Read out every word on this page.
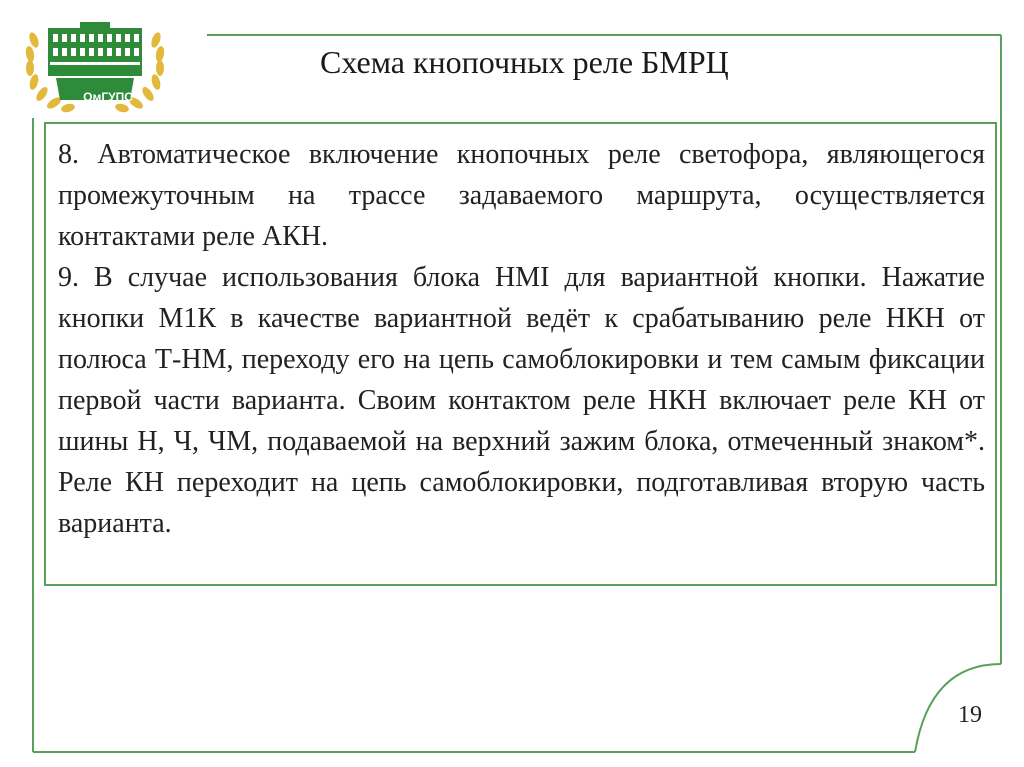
ОмГУПС
Схема кнопочных реле БМРЦ

8. Автоматическое включение кнопочных реле светофора, являющегося промежуточным на трассе задаваемого маршрута, осуществляется контактами реле АКН.

9. В случае использования блока НМI для вариантной кнопки. Нажатие кнопки М1К в качестве вариантной ведёт к срабатыванию реле НКН от полюса Т-НМ, переходу его на цепь самоблокировки и тем самым фиксации первой части варианта. Своим контактом реле НКН включает реле КН от шины Н, Ч, ЧМ, подаваемой на верхний зажим блока, отмеченный знаком*. Реле КН переходит на цепь самоблокировки, подготавливая вторую часть варианта.

19
